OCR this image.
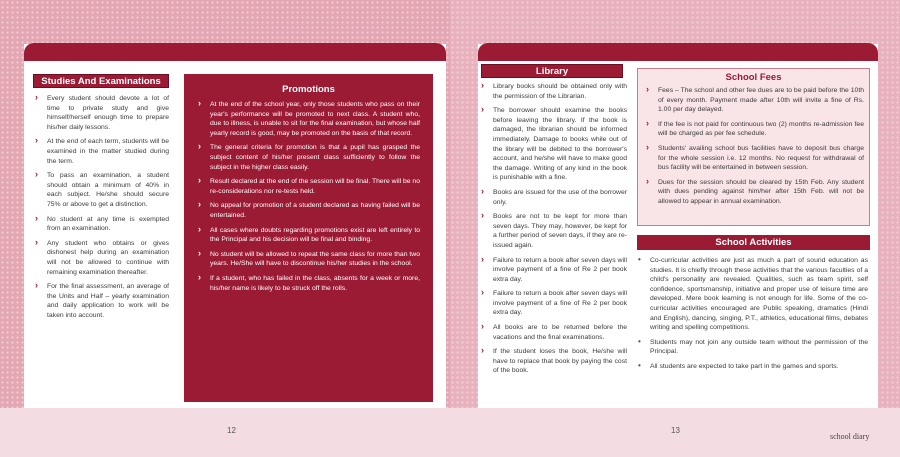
Studies And Examinations
› Every student should devote a lot of time to private study and give himself/herself enough time to prepare his/her daily lessons.
› At the end of each term, students will be examined in the matter studied during the term.
› To pass an examination, a student should obtain a minimum of 40% in each subject. He/she should secure 75% or above to get a distinction.
› No student at any time is exempted from an examination.
› Any student who obtains or gives dishonest help during an examination will not be allowed to continue with remaining examination thereafter.
› For the final assessment, an average of the Units and Half – yearly examination and daily application to work will be taken into account.
Promotions
› At the end of the school year, only those students who pass on their year's performance will be promoted to next class. A student who, due to illness, is unable to sit for the final examination, but whose half yearly record is good, may be promoted on the basis of that record.
› The general criteria for promotion is that a pupil has grasped the subject content of his/her present class sufficiently to follow the subject in the higher class easily.
› Result declared at the end of the session will be final. There will be no re-considerations nor re-tests held.
› No appeal for promotion of a student declared as having failed will be entertained.
› All cases where doubts regarding promotions exist are left entirely to the Principal and his decision will be final and binding.
› No student will be allowed to repeat the same class for more than two years. He/She will have to discontinue his/her studies in the school.
› If a student, who has failed in the class, absents for a week or more, his/her name is likely to be struck off the rolls.
Library
› Library books should be obtained only with the permission of the Librarian.
› The borrower should examine the books before leaving the library. If the book is damaged, the librarian should be informed immediately. Damage to books while out of the library will be debited to the borrower's account, and he/she will have to make good the damage. Writing of any kind in the book is punishable with a fine.
› Books are issued for the use of the borrower only.
› Books are not to be kept for more than seven days. They may, however, be kept for a further period of seven days, if they are re-issued again.
› Failure to return a book after seven days will involve payment of a fine of Re 2 per book extra day.
› Failure to return a book after seven days will involve payment of a fine of Re 2 per book extra day.
› All books are to be returned before the vacations and the final examinations.
› If the student loses the book, He/she will have to replace that book by paying the cost of the book.
School Fees
› Fees – The school and other fee dues are to be paid before the 10th of every month. Payment made after 10th will invite a fine of Rs. 1.00 per day delayed.
› If the fee is not paid for continuous two (2) months re-admission fee will be charged as per fee schedule.
› Students' availing school bus facilities have to deposit bus charge for the whole session i.e. 12 months. No request for withdrawal of bus facility will be entertained in between session.
› Dues for the session should be cleared by 15th Feb. Any student with dues pending against him/her after 15th Feb. will not be allowed to appear in annual examination.
School Activities
• Co-curricular activities are just as much a part of sound education as studies. It is chiefly through these activities that the various faculties of a child's personality are revealed. Qualities, such as team spirit, self confidence, sportsmanship, initiative and proper use of leisure time are developed. Mere book learning is not enough for life. Some of the co-curricular activities encouraged are Public speaking, dramatics (Hindi and English), dancing, singing, P.T., athletics, educational films, debates writing and spelling competitions.
• Students may not join any outside team without the permission of the Principal.
• All students are expected to take part in the games and sports.
12	13
school diary
